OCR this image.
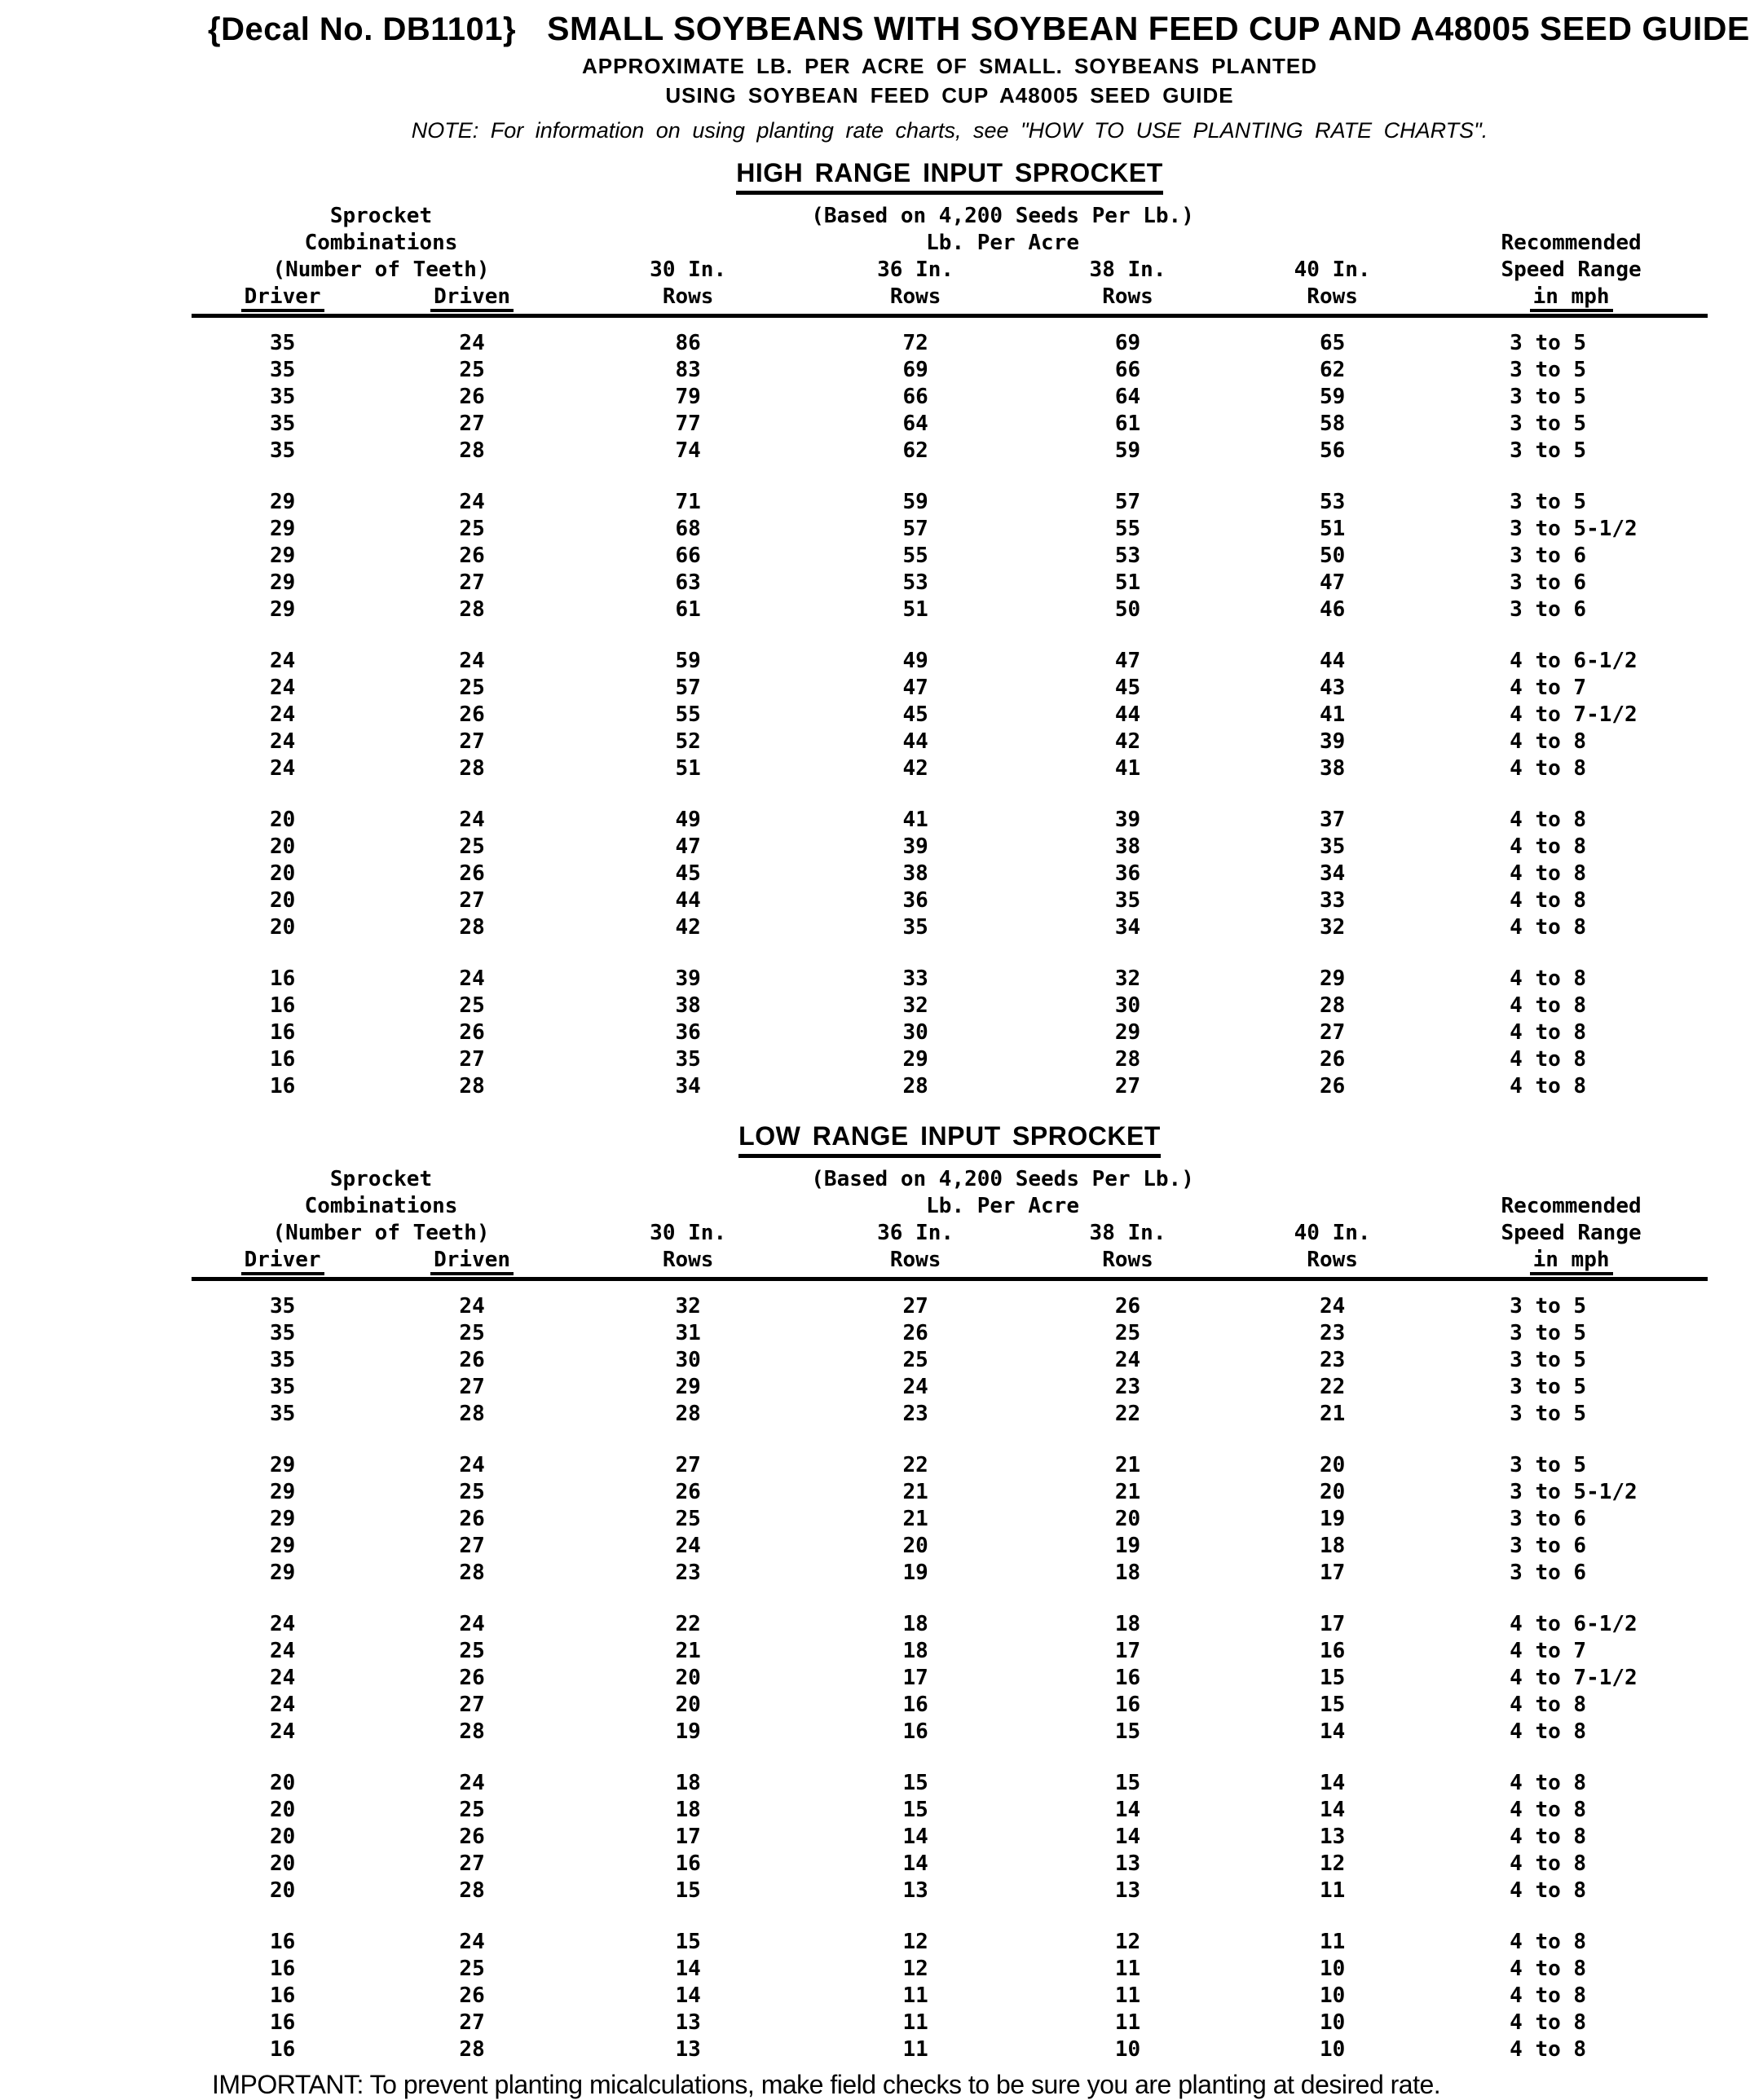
{Decal No. DB1101} SMALL SOYBEANS WITH SOYBEAN FEED CUP AND A48005 SEED GUIDE
APPROXIMATE LB. PER ACRE OF SMALL. SOYBEANS PLANTED
USING SOYBEAN FEED CUP A48005 SEED GUIDE
NOTE: For information on using planting rate charts, see "HOW TO USE PLANTING RATE CHARTS".
HIGH RANGE INPUT SPROCKET
Sprocket	(Based on 4,200 Seeds Per Lb.)
Combinations	Lb. Per Acre	Recommended
(Number of Teeth)	30 In.	36 In.	38 In.	40 In.	Speed Range
Driver	Driven	Rows	Rows	Rows	Rows	in mph
35	24	86	72	69	65	3 to 5
35	25	83	69	66	62	3 to 5
35	26	79	66	64	59	3 to 5
35	27	77	64	61	58	3 to 5
35	28	74	62	59	56	3 to 5
29	24	71	59	57	53	3 to 5
29	25	68	57	55	51	3 to 5-1/2
29	26	66	55	53	50	3 to 6
29	27	63	53	51	47	3 to 6
29	28	61	51	50	46	3 to 6
24	24	59	49	47	44	4 to 6-1/2
24	25	57	47	45	43	4 to 7
24	26	55	45	44	41	4 to 7-1/2
24	27	52	44	42	39	4 to 8
24	28	51	42	41	38	4 to 8
20	24	49	41	39	37	4 to 8
20	25	47	39	38	35	4 to 8
20	26	45	38	36	34	4 to 8
20	27	44	36	35	33	4 to 8
20	28	42	35	34	32	4 to 8
16	24	39	33	32	29	4 to 8
16	25	38	32	30	28	4 to 8
16	26	36	30	29	27	4 to 8
16	27	35	29	28	26	4 to 8
16	28	34	28	27	26	4 to 8
LOW RANGE INPUT SPROCKET
Sprocket	(Based on 4,200 Seeds Per Lb.)
Combinations	Lb. Per Acre	Recommended
(Number of Teeth)	30 In.	36 In.	38 In.	40 In.	Speed Range
Driver	Driven	Rows	Rows	Rows	Rows	in mph
35	24	32	27	26	24	3 to 5
35	25	31	26	25	23	3 to 5
35	26	30	25	24	23	3 to 5
35	27	29	24	23	22	3 to 5
35	28	28	23	22	21	3 to 5
29	24	27	22	21	20	3 to 5
29	25	26	21	21	20	3 to 5-1/2
29	26	25	21	20	19	3 to 6
29	27	24	20	19	18	3 to 6
29	28	23	19	18	17	3 to 6
24	24	22	18	18	17	4 to 6-1/2
24	25	21	18	17	16	4 to 7
24	26	20	17	16	15	4 to 7-1/2
24	27	20	16	16	15	4 to 8
24	28	19	16	15	14	4 to 8
20	24	18	15	15	14	4 to 8
20	25	18	15	14	14	4 to 8
20	26	17	14	14	13	4 to 8
20	27	16	14	13	12	4 to 8
20	28	15	13	13	11	4 to 8
16	24	15	12	12	11	4 to 8
16	25	14	12	11	10	4 to 8
16	26	14	11	11	10	4 to 8
16	27	13	11	11	10	4 to 8
16	28	13	11	10	10	4 to 8
IMPORTANT: To prevent planting micalculations, make field checks to be sure you are planting at desired rate.
